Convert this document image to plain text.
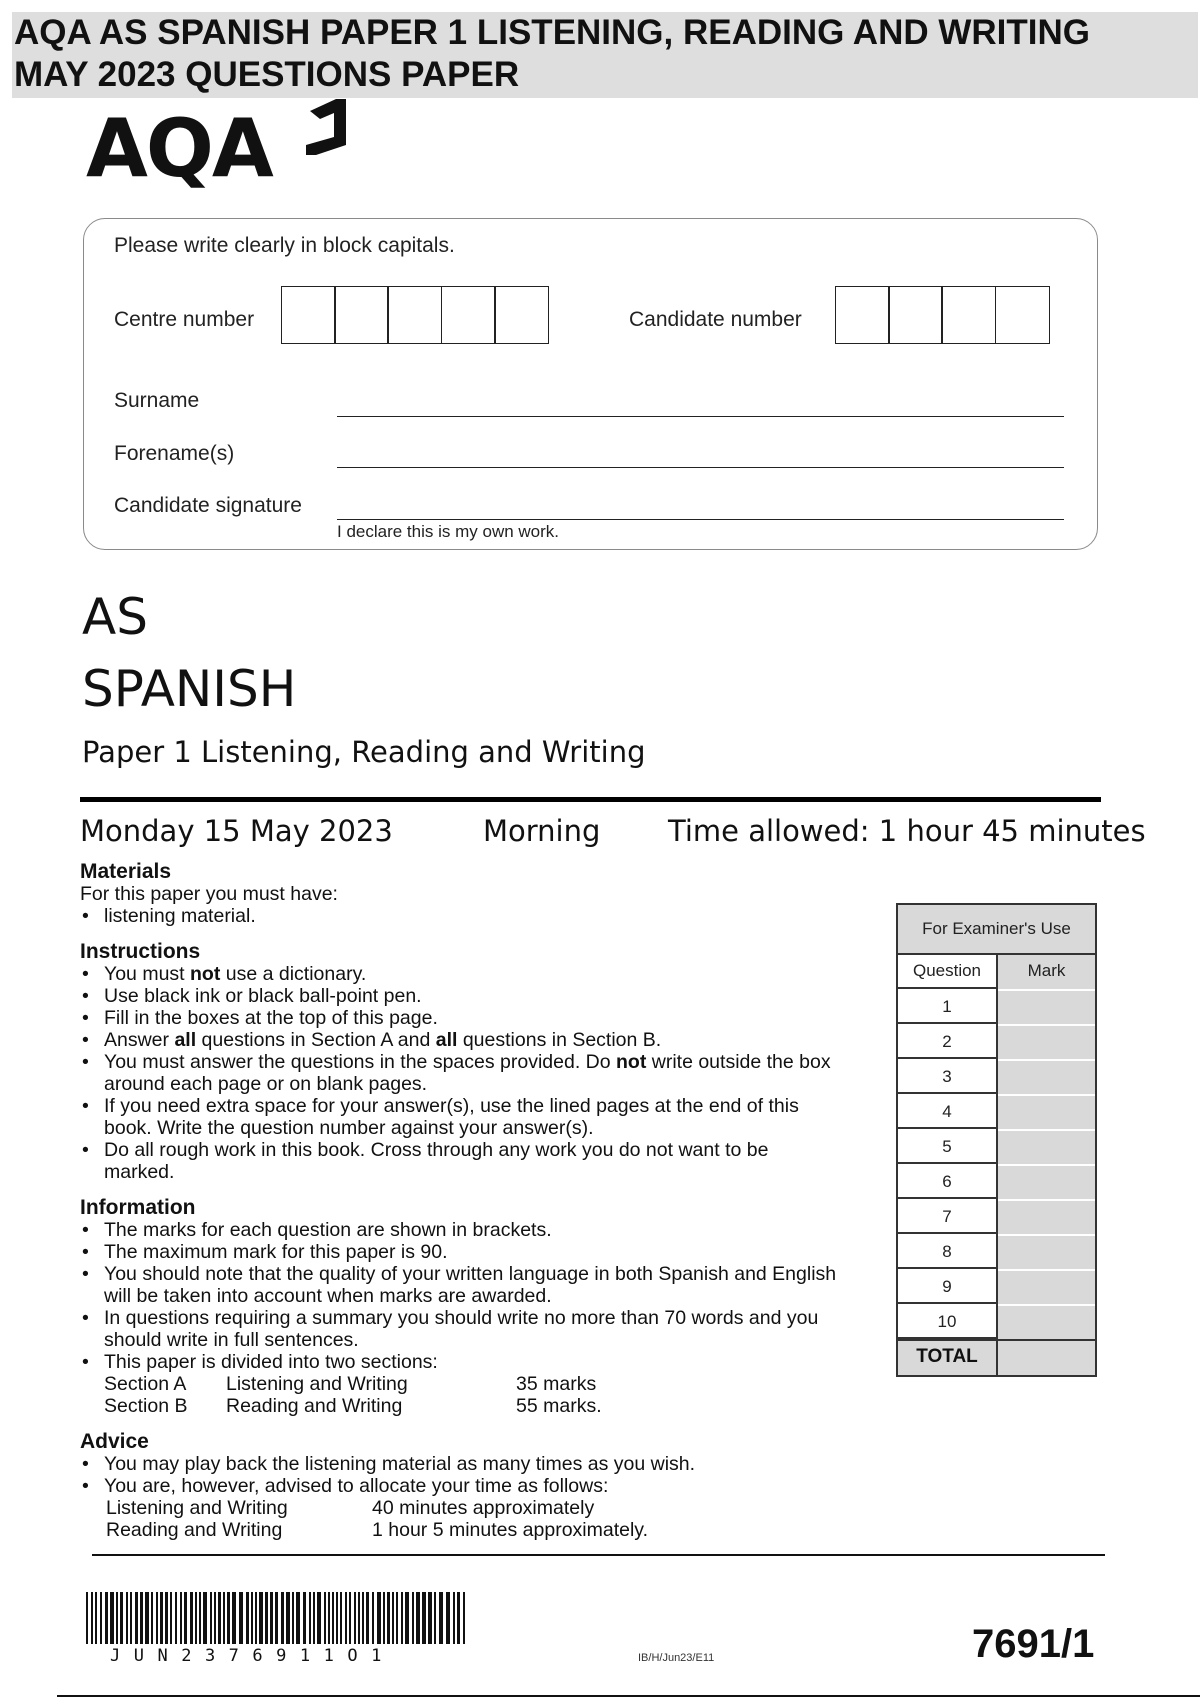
AQA AS SPANISH PAPER 1 LISTENING, READING AND WRITING
MAY 2023 QUESTIONS PAPER
AQA
Please write clearly in block capitals.
Centre number	Candidate number
Surname
Forename(s)
Candidate signature
I declare this is my own work.
AS
SPANISH
Paper 1 Listening, Reading and Writing
Monday 15 May 2023	Morning Time allowed: 1 hour 45 minutes
Materials
For this paper you must have:
• listening material.
Instructions
• You must not use a dictionary.
• Use black ink or black ball-point pen.
• Fill in the boxes at the top of this page.
• Answer all questions in Section A and all questions in Section B.
• You must answer the questions in the spaces provided. Do not write outside the box around each page or on blank pages.
• If you need extra space for your answer(s), use the lined pages at the end of this book. Write the question number against your answer(s).
• Do all rough work in this book. Cross through any work you do not want to be marked.
Information
• The marks for each question are shown in brackets.
• The maximum mark for this paper is 90.
• You should note that the quality of your written language in both Spanish and English will be taken into account when marks are awarded.
• In questions requiring a summary you should write no more than 70 words and you should write in full sentences.
• This paper is divided into two sections:
Section A	Listening and Writing	35 marks
Section B	Reading and Writing	55 marks.
Advice
• You may play back the listening material as many times as you wish.
• You are, however, advised to allocate your time as follows:
Listening and Writing	40 minutes approximately
Reading and Writing	1 hour 5 minutes approximately.
For Examiner's Use
Question	Mark
1
2
3
4
5
6
7
8
9
10
TOTAL
JUN2376911O1	IB/H/Jun23/E11	7691/1
